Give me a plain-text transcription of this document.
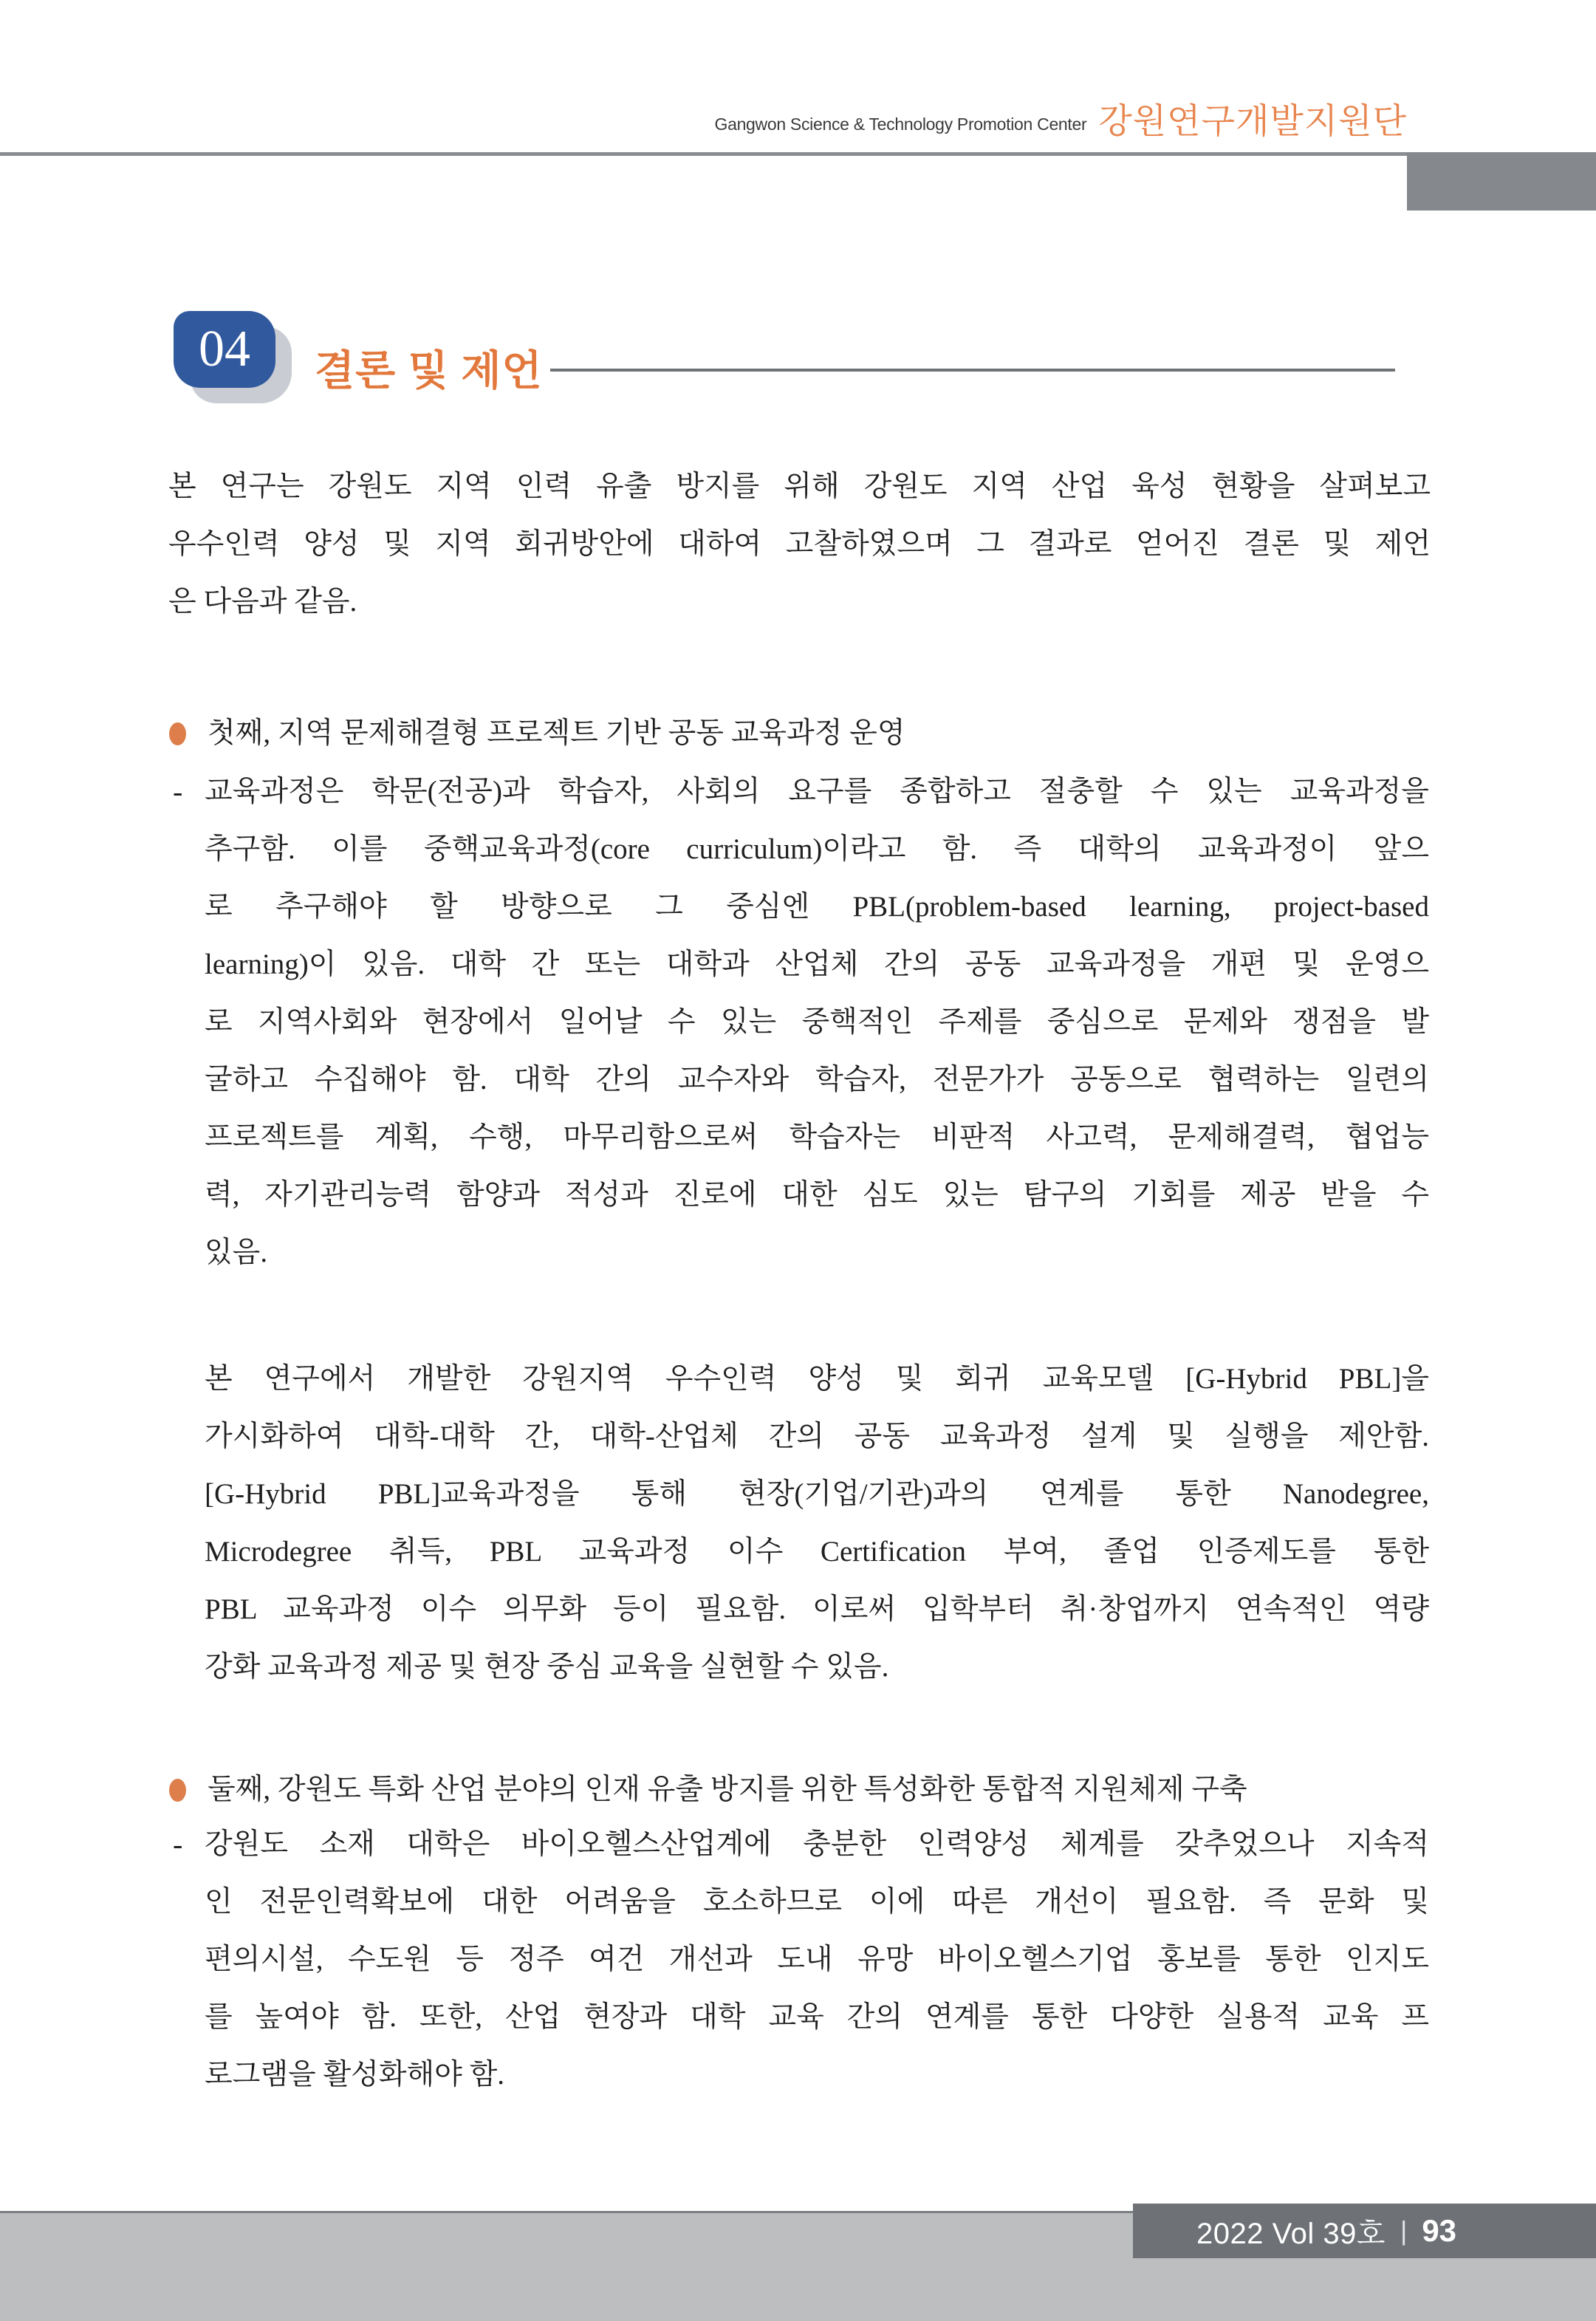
Gangwon Science & Technology Promotion Center 강원연구개발지원단
04	결론 및 제언
본 연구는 강원도 지역 인력 유출 방지를 위해 강원도 지역 산업 육성 현황을 살펴보고
우수인력 양성 및 지역 회귀방안에 대하여 고찰하였으며 그 결과로 얻어진 결론 및 제언
은 다음과 같음.
첫째, 지역 문제해결형 프로젝트 기반 공동 교육과정 운영
- 교육과정은 학문(전공)과 학습자, 사회의 요구를 종합하고 절충할 수 있는 교육과정을
추구함. 이를 중핵교육과정(core curriculum)이라고 함. 즉 대학의 교육과정이 앞으
로 추구해야 할 방향으로 그 중심엔 PBL(problem-based learning, project-based
learning)이 있음. 대학 간 또는 대학과 산업체 간의 공동 교육과정을 개편 및 운영으
로 지역사회와 현장에서 일어날 수 있는 중핵적인 주제를 중심으로 문제와 쟁점을 발
굴하고 수집해야 함. 대학 간의 교수자와 학습자, 전문가가 공동으로 협력하는 일련의
프로젝트를 계획, 수행, 마무리함으로써 학습자는 비판적 사고력, 문제해결력, 협업능
력, 자기관리능력 함양과 적성과 진로에 대한 심도 있는 탐구의 기회를 제공 받을 수
있음.
본 연구에서 개발한 강원지역 우수인력 양성 및 회귀 교육모델 [G-Hybrid PBL]을
가시화하여 대학-대학 간, 대학-산업체 간의 공동 교육과정 설계 및 실행을 제안함.
[G-Hybrid PBL]교육과정을 통해 현장(기업/기관)과의 연계를 통한 Nanodegree,
Microdegree 취득, PBL 교육과정 이수 Certification 부여, 졸업 인증제도를 통한
PBL 교육과정 이수 의무화 등이 필요함. 이로써 입학부터 취·창업까지 연속적인 역량
강화 교육과정 제공 및 현장 중심 교육을 실현할 수 있음.
둘째, 강원도 특화 산업 분야의 인재 유출 방지를 위한 특성화한 통합적 지원체제 구축
- 강원도 소재 대학은 바이오헬스산업계에 충분한 인력양성 체계를 갖추었으나 지속적
인 전문인력확보에 대한 어려움을 호소하므로 이에 따른 개선이 필요함. 즉 문화 및
편의시설, 수도원 등 정주 여건 개선과 도내 유망 바이오헬스기업 홍보를 통한 인지도
를 높여야 함. 또한, 산업 현장과 대학 교육 간의 연계를 통한 다양한 실용적 교육 프
로그램을 활성화해야 함.
2022 Vol 39호 | 93
